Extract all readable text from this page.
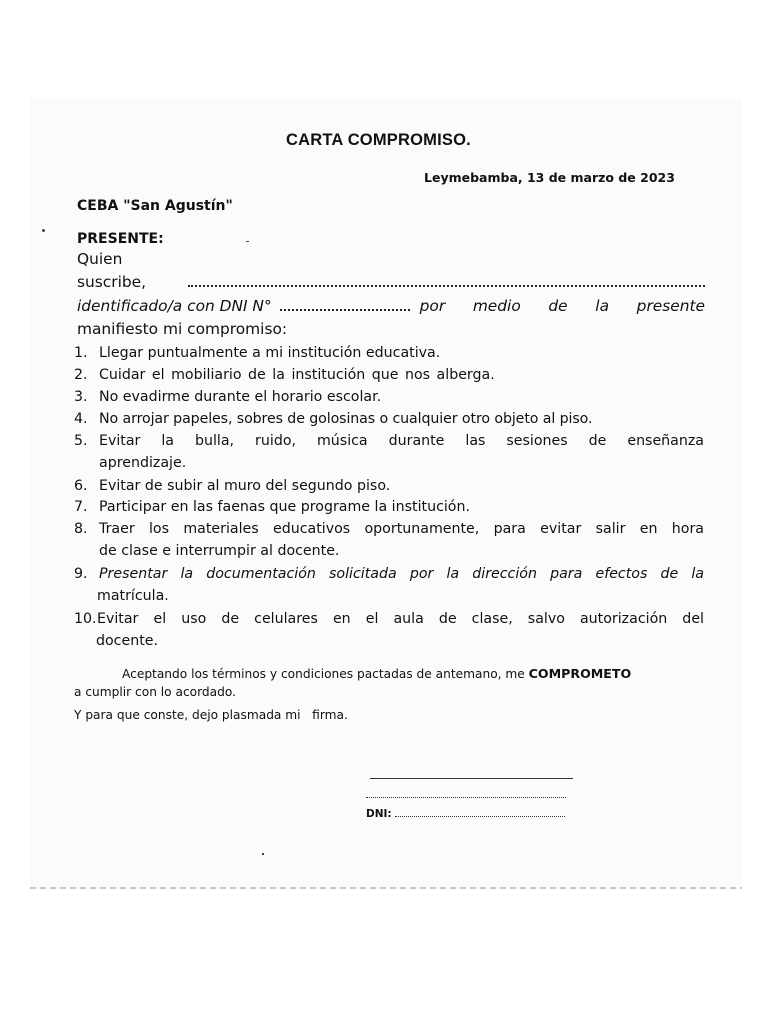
CARTA COMPROMISO.
Leymebamba, 13 de marzo de 2023
CEBA "San Agustín"
PRESENTE:
Quien
suscribe,
identificado/a con DNI N°	por medio de la presente
manifiesto mi compromiso:
1. Llegar puntualmente a mi institución educativa.
2. Cuidar el mobiliario de la institución que nos alberga.
3. No evadirme durante el horario escolar.
4. No arrojar papeles, sobres de golosinas o cualquier otro objeto al piso.
5. Evitar la bulla, ruido, música durante las sesiones de enseñanza
aprendizaje.
6. Evitar de subir al muro del segundo piso.
7. Participar en las faenas que programe la institución.
8. Traer los materiales educativos oportunamente, para evitar salir en hora
de clase e interrumpir al docente.
9. Presentar la documentación solicitada por la dirección para efectos de la
matrícula.
10. Evitar el uso de celulares en el aula de clase, salvo autorización del
docente.
Aceptando los términos y condiciones pactadas de antemano, me COMPROMETO
a cumplir con lo acordado.
Y para que conste, dejo plasmada mi   firma.
DNI:
